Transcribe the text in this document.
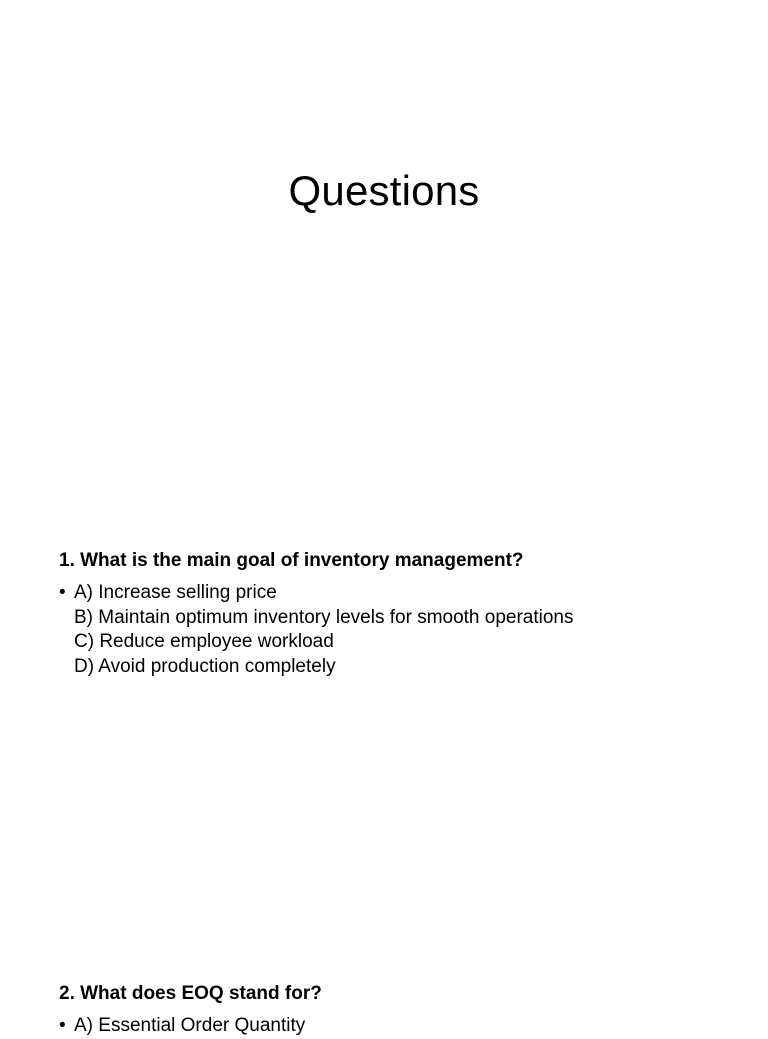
Questions

1. What is the main goal of inventory management?

• A) Increase selling price
B) Maintain optimum inventory levels for smooth operations
C) Reduce employee workload
D) Avoid production completely

2. What does EOQ stand for?

• A) Essential Order Quantity
